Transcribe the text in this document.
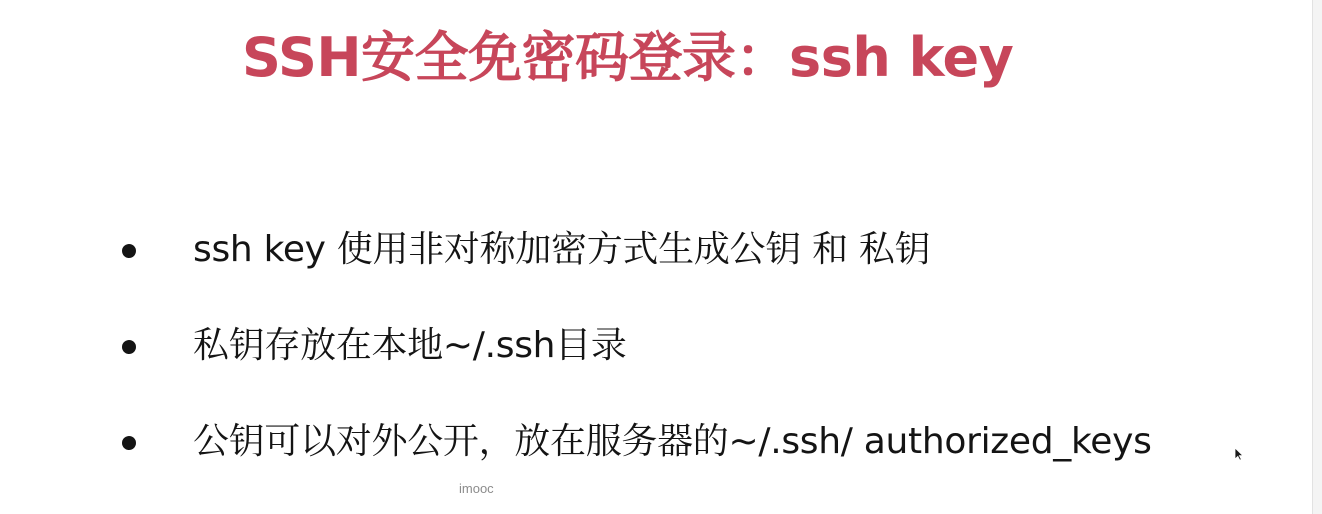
SSH安全免密码登录：ssh key
ssh key 使用非对称加密方式生成公钥 和 私钥
私钥存放在本地~/.ssh目录
公钥可以对外公开，放在服务器的~/.ssh/ authorized_keys
imooc
